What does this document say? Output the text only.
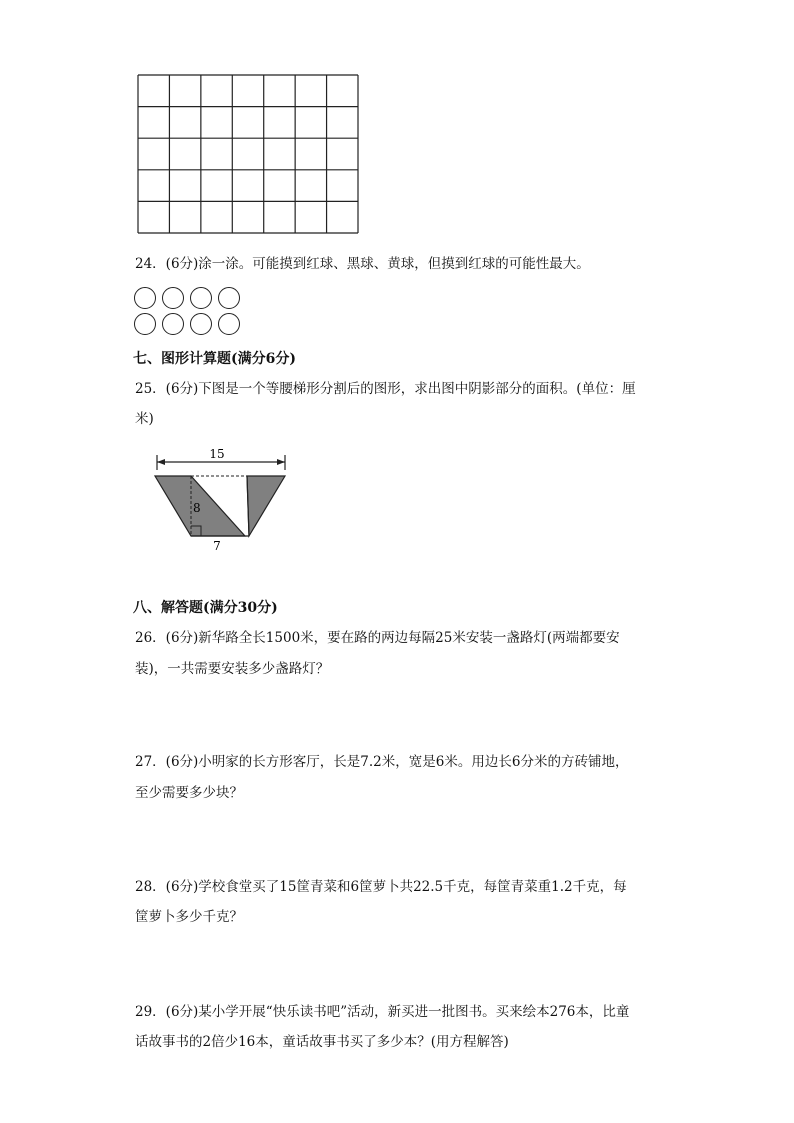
24．(6分)涂一涂。可能摸到红球、黑球、黄球，但摸到红球的可能性最大。
七、图形计算题(满分6分)
25．(6分)下图是一个等腰梯形分割后的图形，求出图中阴影部分的面积。(单位：厘
米)
15
8
7
八、解答题(满分30分)
26．(6分)新华路全长1500米，要在路的两边每隔25米安装一盏路灯(两端都要安
装)，一共需要安装多少盏路灯？
27．(6分)小明家的长方形客厅，长是7.2米，宽是6米。用边长6分米的方砖铺地，
至少需要多少块？
28．(6分)学校食堂买了15筐青菜和6筐萝卜共22.5千克，每筐青菜重1.2千克，每
筐萝卜多少千克？
29．(6分)某小学开展“快乐读书吧”活动，新买进一批图书。买来绘本276本，比童
话故事书的2倍少16本，童话故事书买了多少本？(用方程解答)
